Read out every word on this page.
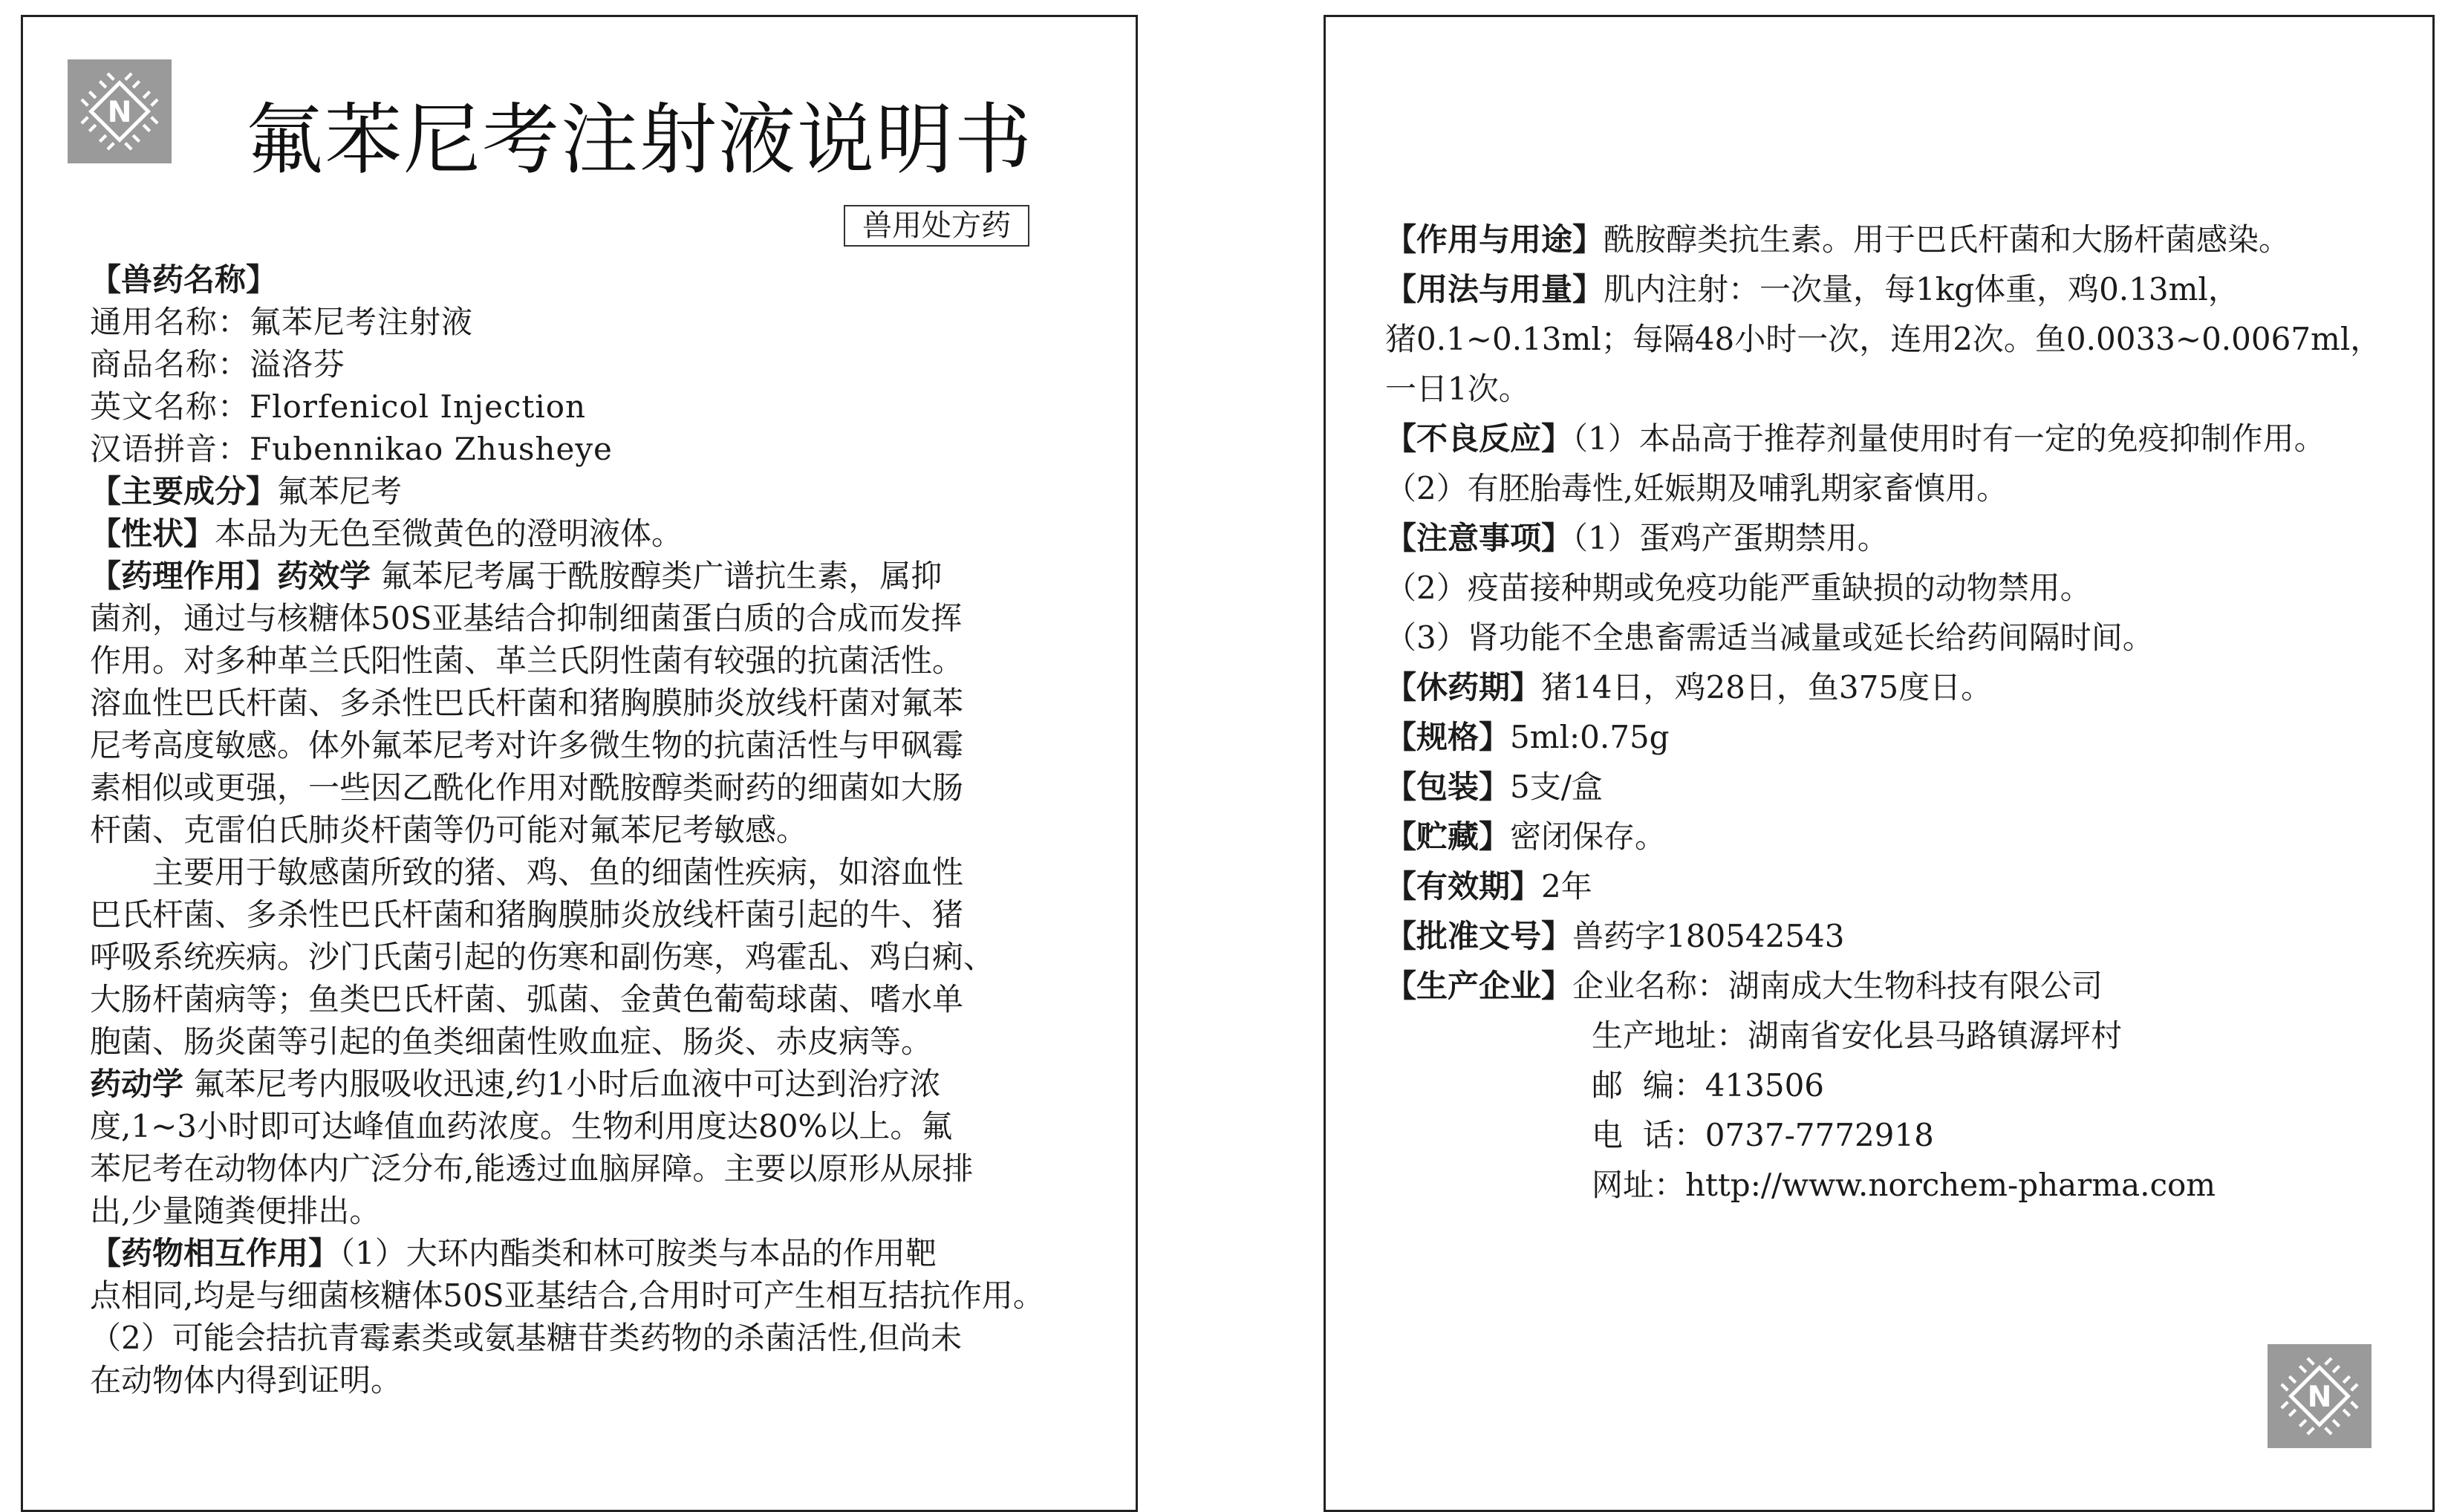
N 氟苯尼考注射液说明书
兽用处方药
【兽药名称】
通用名称：氟苯尼考注射液
商品名称：溢洛芬
英文名称：Florfenicol Injection
汉语拼音：Fubennikao Zhusheye
【主要成分】氟苯尼考
【性状】本品为无色至微黄色的澄明液体。
【药理作用】药效学 氟苯尼考属于酰胺醇类广谱抗生素，属抑
菌剂，通过与核糖体50S亚基结合抑制细菌蛋白质的合成而发挥
作用。对多种革兰氏阳性菌、革兰氏阴性菌有较强的抗菌活性。
溶血性巴氏杆菌、多杀性巴氏杆菌和猪胸膜肺炎放线杆菌对氟苯
尼考高度敏感。体外氟苯尼考对许多微生物的抗菌活性与甲砜霉
素相似或更强，一些因乙酰化作用对酰胺醇类耐药的细菌如大肠
杆菌、克雷伯氏肺炎杆菌等仍可能对氟苯尼考敏感。
主要用于敏感菌所致的猪、鸡、鱼的细菌性疾病，如溶血性
巴氏杆菌、多杀性巴氏杆菌和猪胸膜肺炎放线杆菌引起的牛、猪
呼吸系统疾病。沙门氏菌引起的伤寒和副伤寒，鸡霍乱、鸡白痢、
大肠杆菌病等；鱼类巴氏杆菌、弧菌、金黄色葡萄球菌、嗜水单
胞菌、肠炎菌等引起的鱼类细菌性败血症、肠炎、赤皮病等。
药动学 氟苯尼考内服吸收迅速,约1小时后血液中可达到治疗浓
度,1~3小时即可达峰值血药浓度。生物利用度达80%以上。氟
苯尼考在动物体内广泛分布,能透过血脑屏障。主要以原形从尿排
出,少量随粪便排出。
【药物相互作用】（1）大环内酯类和林可胺类与本品的作用靶
点相同,均是与细菌核糖体50S亚基结合,合用时可产生相互拮抗作用。
（2）可能会拮抗青霉素类或氨基糖苷类药物的杀菌活性,但尚未
在动物体内得到证明。
【作用与用途】酰胺醇类抗生素。用于巴氏杆菌和大肠杆菌感染。
【用法与用量】肌内注射：一次量，每1kg体重，鸡0.13ml，
猪0.1~0.13ml；每隔48小时一次，连用2次。鱼0.0033~0.0067ml，
一日1次。
【不良反应】（1）本品高于推荐剂量使用时有一定的免疫抑制作用。
（2）有胚胎毒性,妊娠期及哺乳期家畜慎用。
【注意事项】（1）蛋鸡产蛋期禁用。
（2）疫苗接种期或免疫功能严重缺损的动物禁用。
（3）肾功能不全患畜需适当减量或延长给药间隔时间。
【休药期】猪14日，鸡28日，鱼375度日。
【规格】5ml:0.75g
【包装】5支/盒
【贮藏】密闭保存。
【有效期】2年
【批准文号】兽药字180542543
【生产企业】企业名称：湖南成大生物科技有限公司
生产地址：湖南省安化县马路镇潺坪村
邮  编：413506
电  话：0737-7772918
网址：http://www.norchem-pharma.com
N
